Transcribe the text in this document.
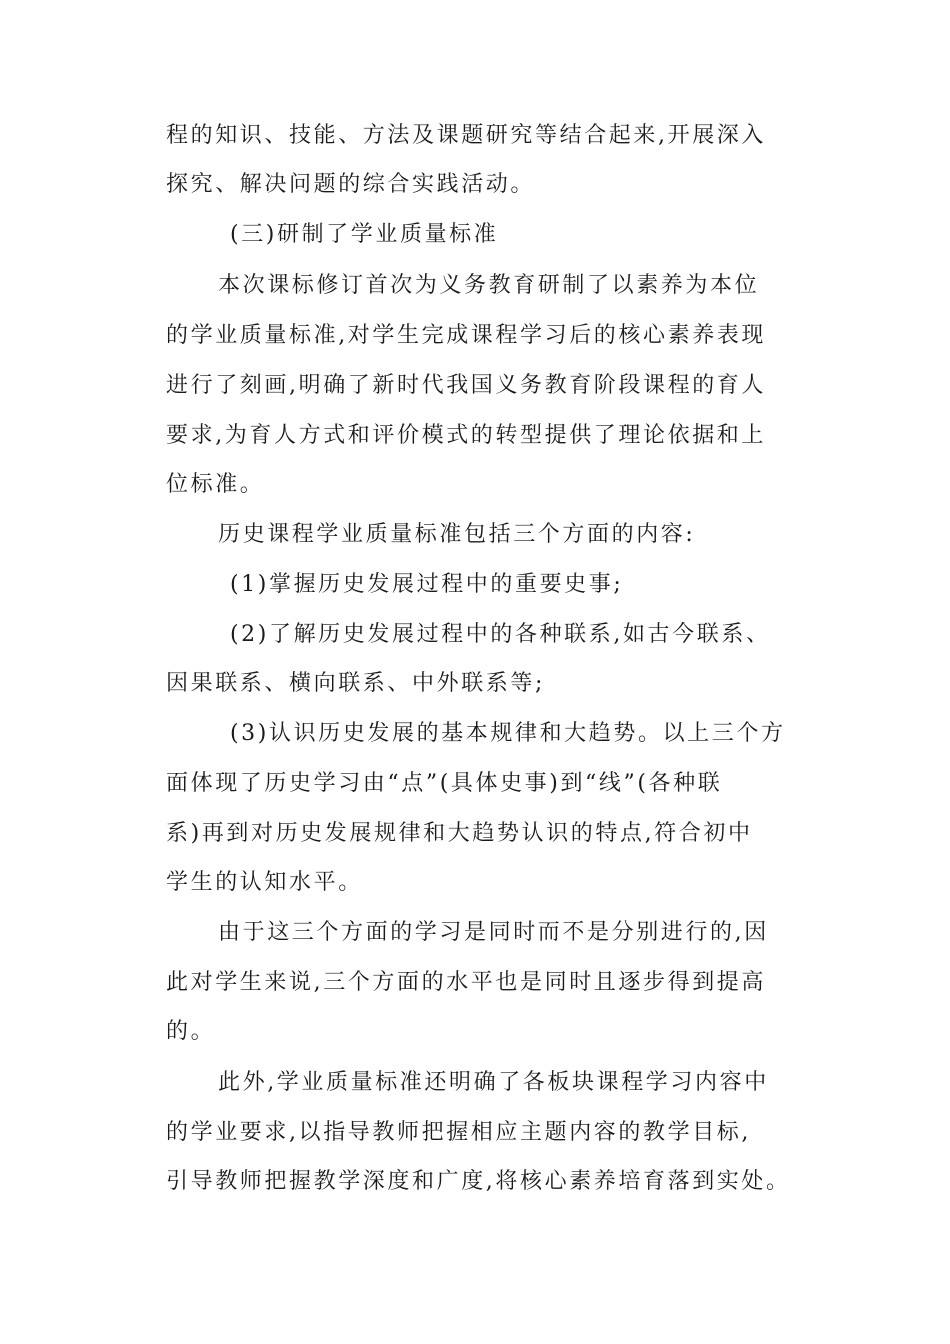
程的知识、技能、方法及课题研究等结合起来,开展深入
探究、解决问题的综合实践活动。
(三)研制了学业质量标准
本次课标修订首次为义务教育研制了以素养为本位
的学业质量标准,对学生完成课程学习后的核心素养表现
进行了刻画,明确了新时代我国义务教育阶段课程的育人
要求,为育人方式和评价模式的转型提供了理论依据和上
位标准。
历史课程学业质量标准包括三个方面的内容:
(1)掌握历史发展过程中的重要史事;
(2)了解历史发展过程中的各种联系,如古今联系、
因果联系、横向联系、中外联系等;
(3)认识历史发展的基本规律和大趋势。以上三个方
面体现了历史学习由“点”(具体史事)到“线”(各种联
系)再到对历史发展规律和大趋势认识的特点,符合初中
学生的认知水平。
由于这三个方面的学习是同时而不是分别进行的,因
此对学生来说,三个方面的水平也是同时且逐步得到提高
的。
此外,学业质量标准还明确了各板块课程学习内容中
的学业要求,以指导教师把握相应主题内容的教学目标,
引导教师把握教学深度和广度,将核心素养培育落到实处。
